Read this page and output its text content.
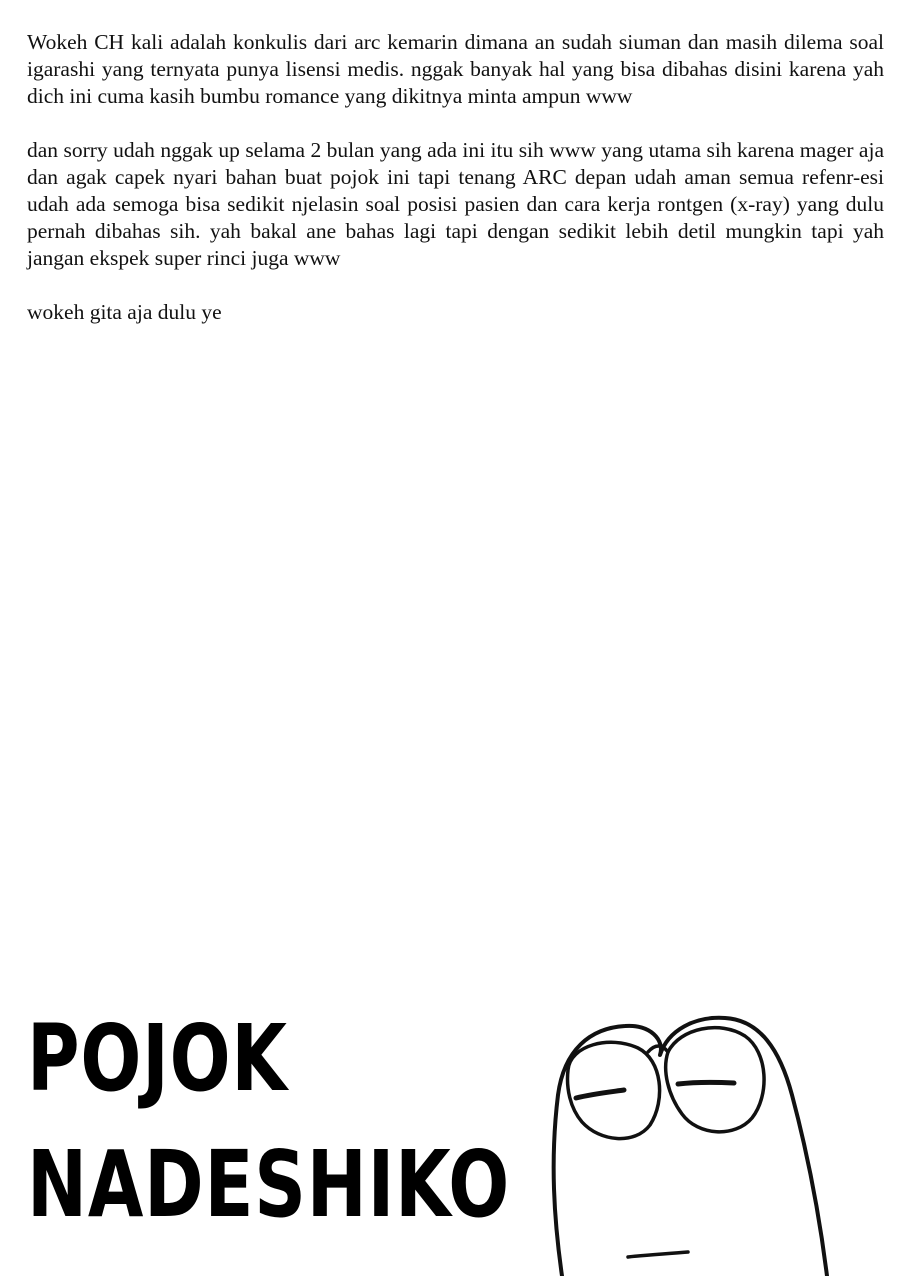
Wokeh CH kali adalah konkulis dari arc kemarin dimana an sudah siuman dan masih dilema soal igarashi yang ternyata punya lisensi medis. nggak banyak hal yang bisa dibahas disini karena yah dich ini cuma kasih bumbu romance yang dikitnya minta ampun www

dan sorry udah nggak up selama 2 bulan yang ada ini itu sih www yang utama sih karena mager aja dan agak capek nyari bahan buat pojok ini tapi tenang ARC depan udah aman semua refenr-esi udah ada semoga bisa sedikit njelasin soal posisi pasien dan cara kerja rontgen (x-ray) yang dulu pernah dibahas sih. yah bakal ane bahas lagi tapi dengan sedikit lebih detil mungkin tapi yah jangan ekspek super rinci juga www

wokeh gita aja dulu ye

POJOK
NADESHIKO
